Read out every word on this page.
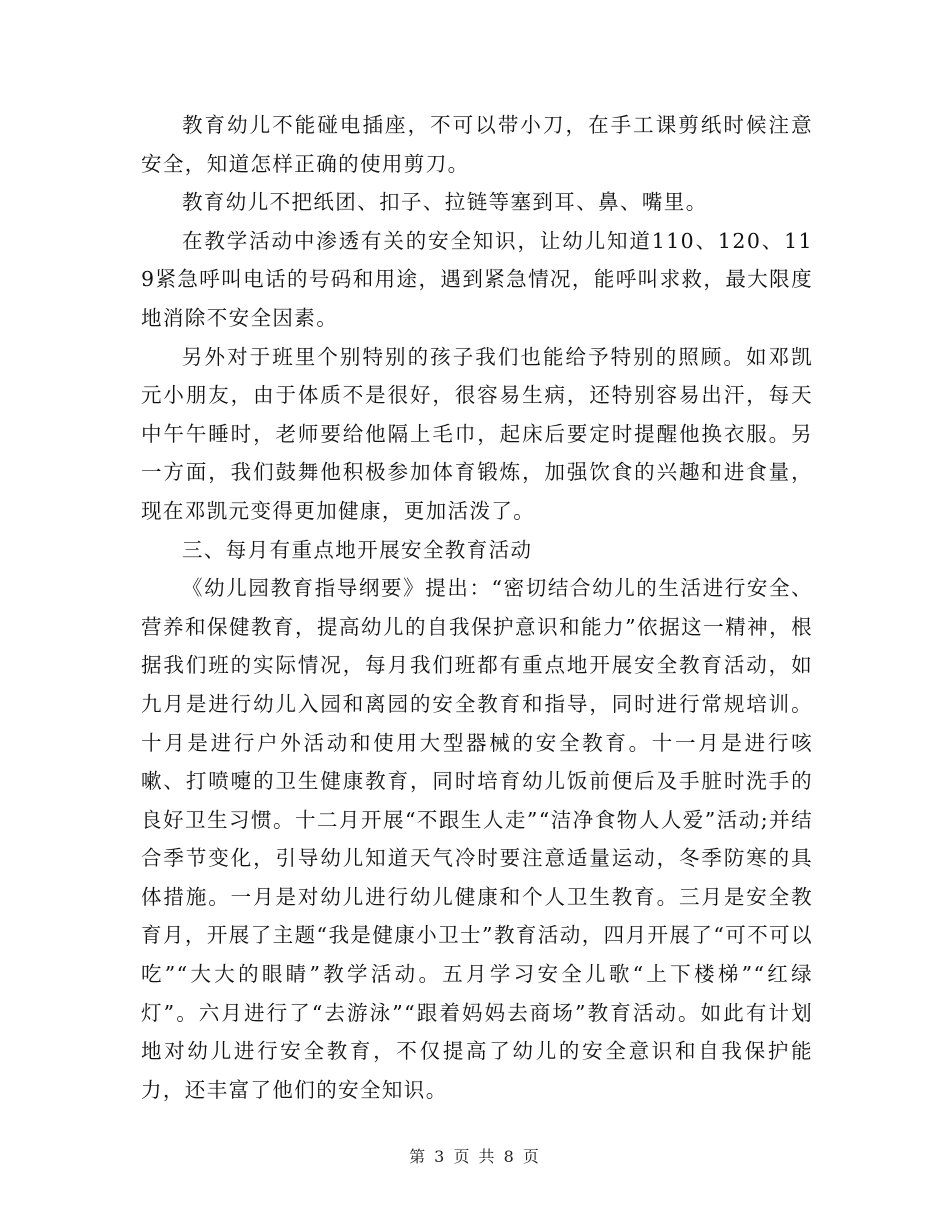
教育幼儿不能碰电插座，不可以带小刀，在手工课剪纸时候注意安全，知道怎样正确的使用剪刀。

教育幼儿不把纸团、扣子、拉链等塞到耳、鼻、嘴里。

在教学活动中渗透有关的安全知识，让幼儿知道110、120、119紧急呼叫电话的号码和用途，遇到紧急情况，能呼叫求救，最大限度地消除不安全因素。

另外对于班里个别特别的孩子我们也能给予特别的照顾。如邓凯元小朋友，由于体质不是很好，很容易生病，还特别容易出汗，每天中午午睡时，老师要给他隔上毛巾，起床后要定时提醒他换衣服。另一方面，我们鼓舞他积极参加体育锻炼，加强饮食的兴趣和进食量，现在邓凯元变得更加健康，更加活泼了。

三、每月有重点地开展安全教育活动

《幼儿园教育指导纲要》提出：“密切结合幼儿的生活进行安全、营养和保健教育，提高幼儿的自我保护意识和能力”依据这一精神，根据我们班的实际情况，每月我们班都有重点地开展安全教育活动，如九月是进行幼儿入园和离园的安全教育和指导，同时进行常规培训。十月是进行户外活动和使用大型器械的安全教育。十一月是进行咳嗽、打喷嚏的卫生健康教育，同时培育幼儿饭前便后及手脏时洗手的良好卫生习惯。十二月开展“不跟生人走”“洁净食物人人爱”活动;并结合季节变化，引导幼儿知道天气冷时要注意适量运动，冬季防寒的具体措施。一月是对幼儿进行幼儿健康和个人卫生教育。三月是安全教育月，开展了主题“我是健康小卫士”教育活动，四月开展了“可不可以吃”“大大的眼睛”教学活动。五月学习安全儿歌“上下楼梯”“红绿灯”。六月进行了“去游泳”“跟着妈妈去商场”教育活动。如此有计划地对幼儿进行安全教育，不仅提高了幼儿的安全意识和自我保护能力，还丰富了他们的安全知识。

第 3 页 共 8 页
